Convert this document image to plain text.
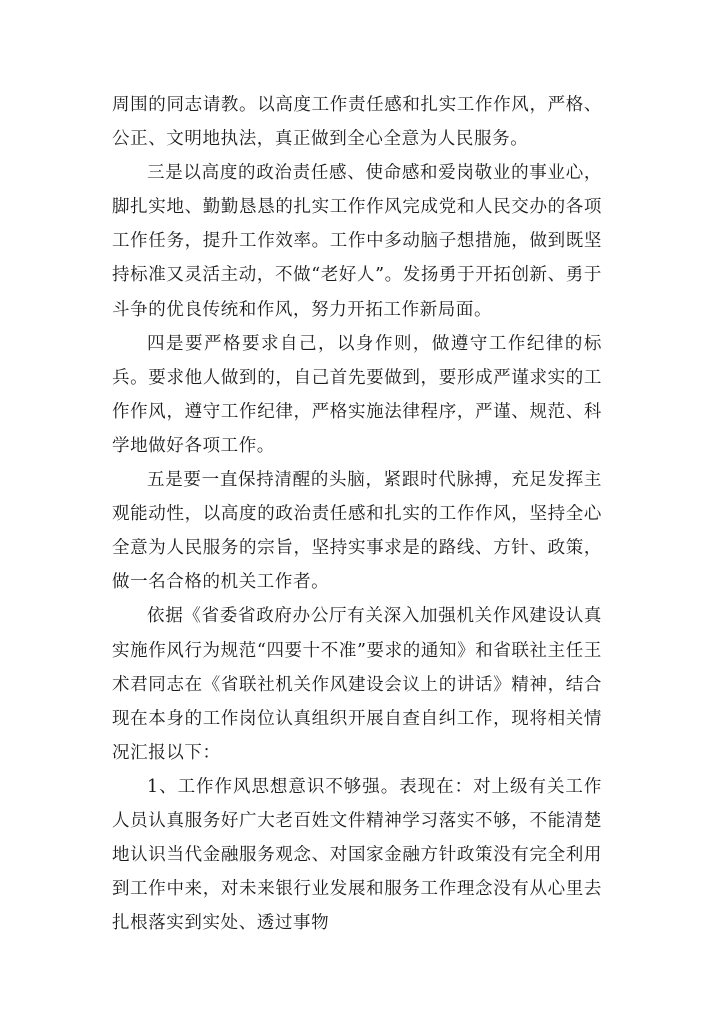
周围的同志请教。以高度工作责任感和扎实工作作风，严格、公正、文明地执法，真正做到全心全意为人民服务。

三是以高度的政治责任感、使命感和爱岗敬业的事业心，脚扎实地、勤勤恳恳的扎实工作作风完成党和人民交办的各项工作任务，提升工作效率。工作中多动脑子想措施，做到既坚持标准又灵活主动，不做“老好人”。发扬勇于开拓创新、勇于斗争的优良传统和作风，努力开拓工作新局面。

四是要严格要求自己，以身作则，做遵守工作纪律的标兵。要求他人做到的，自己首先要做到，要形成严谨求实的工作作风，遵守工作纪律，严格实施法律程序，严谨、规范、科学地做好各项工作。

五是要一直保持清醒的头脑，紧跟时代脉搏，充足发挥主观能动性，以高度的政治责任感和扎实的工作作风，坚持全心全意为人民服务的宗旨，坚持实事求是的路线、方针、政策，做一名合格的机关工作者。

依据《省委省政府办公厅有关深入加强机关作风建设认真实施作风行为规范“四要十不准”要求的通知》和省联社主任王术君同志在《省联社机关作风建设会议上的讲话》精神，结合现在本身的工作岗位认真组织开展自查自纠工作，现将相关情况汇报以下：

1、工作作风思想意识不够强。表现在：对上级有关工作人员认真服务好广大老百姓文件精神学习落实不够，不能清楚地认识当代金融服务观念、对国家金融方针政策没有完全利用到工作中来，对未来银行业发展和服务工作理念没有从心里去扎根落实到实处、透过事物
